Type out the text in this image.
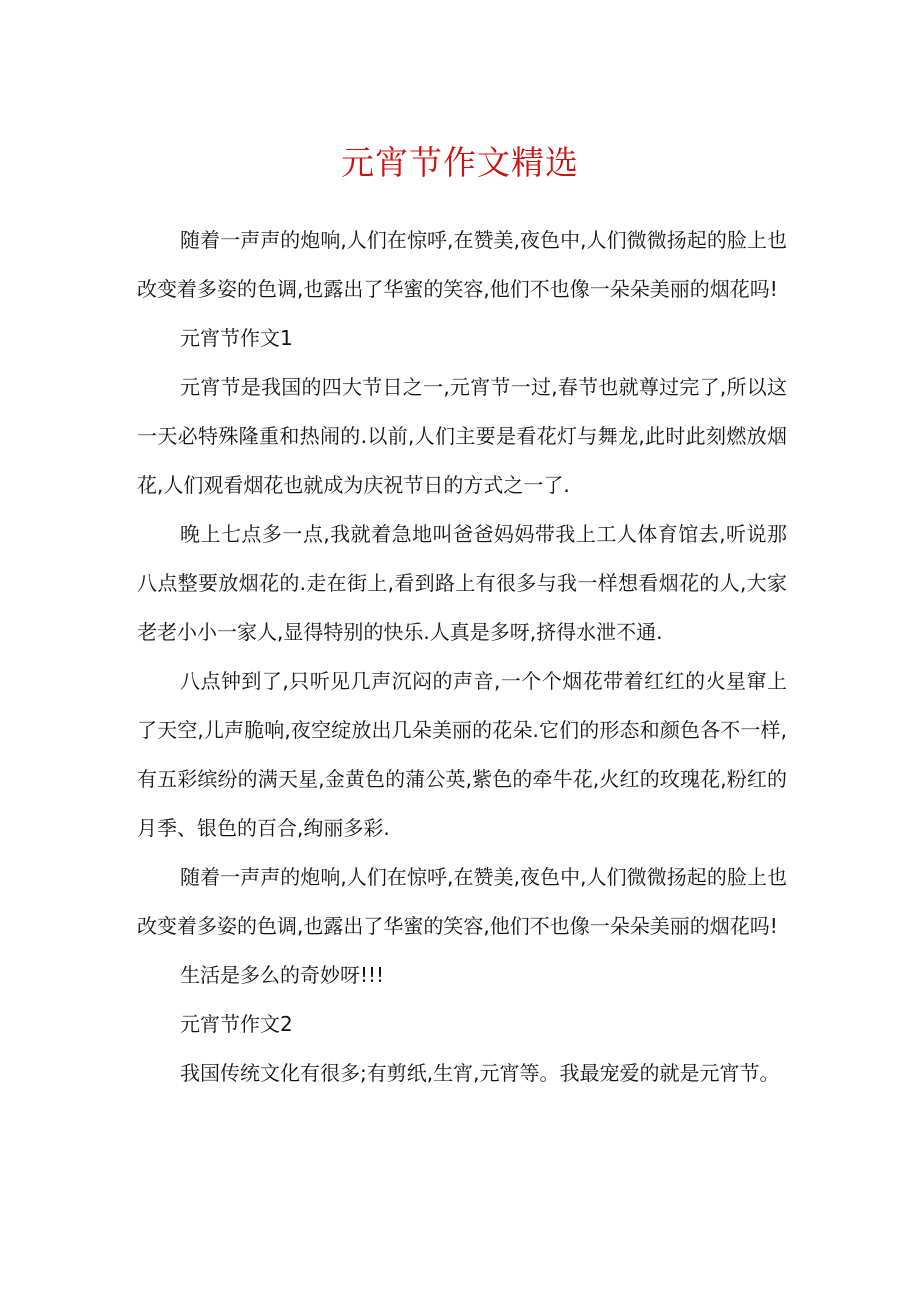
元宵节作文精选

随着一声声的炮响,人们在惊呼,在赞美,夜色中,人们微微扬起的脸上也改变着多姿的色调,也露出了华蜜的笑容,他们不也像一朵朵美丽的烟花吗!

元宵节作文1

元宵节是我国的四大节日之一,元宵节一过,春节也就尊过完了,所以这一天必特殊隆重和热闹的.以前,人们主要是看花灯与舞龙,此时此刻燃放烟花,人们观看烟花也就成为庆祝节日的方式之一了.

晚上七点多一点,我就着急地叫爸爸妈妈带我上工人体育馆去,听说那八点整要放烟花的.走在街上,看到路上有很多与我一样想看烟花的人,大家老老小小一家人,显得特别的快乐.人真是多呀,挤得水泄不通.

八点钟到了,只听见几声沉闷的声音,一个个烟花带着红红的火星窜上了天空,儿声脆响,夜空绽放出几朵美丽的花朵.它们的形态和颜色各不一样,有五彩缤纷的满天星,金黄色的蒲公英,紫色的牵牛花,火红的玫瑰花,粉红的月季、银色的百合,绚丽多彩.

随着一声声的炮响,人们在惊呼,在赞美,夜色中,人们微微扬起的脸上也改变着多姿的色调,也露出了华蜜的笑容,他们不也像一朵朵美丽的烟花吗!

生活是多么的奇妙呀!!!

元宵节作文2

我国传统文化有很多;有剪纸,生宵,元宵等。我最宠爱的就是元宵节。
